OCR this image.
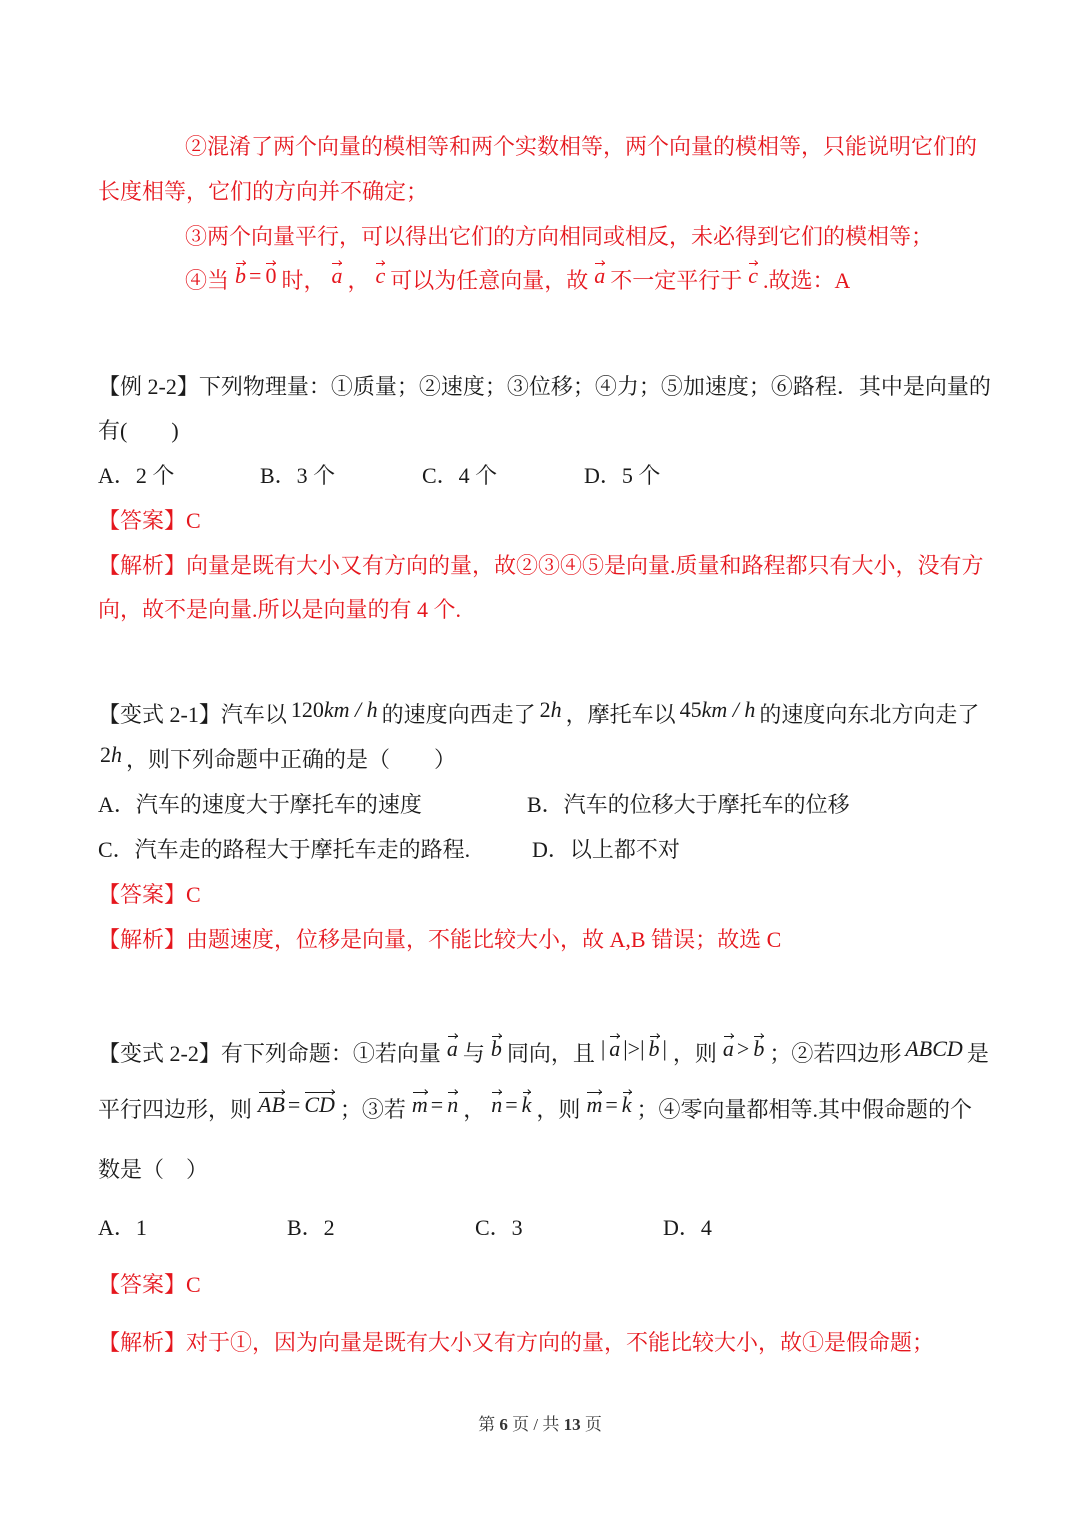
②混淆了两个向量的模相等和两个实数相等，两个向量的模相等，只能说明它们的
长度相等，它们的方向并不确定；
③两个向量平行，可以得出它们的方向相同或相反，未必得到它们的模相等；
④当 b = 0 时， a ， c 可以为任意向量，故 a 不一定平行于 c .故选：A
【例 2-2】 下列物理量：①质量；②速度；③位移；④力；⑤加速度；⑥路程．其中是向量的
有(　　)
A．2 个	B．3 个	C．4 个	D．5 个
【答案】 C
【解析】 向量是既有大小又有方向的量，故②③④⑤是向量.质量和路程都只有大小，没有方
向，故不是向量.所以是向量的有 4 个.
【变式 2-1】 汽车以 120 km / h 的速度向西走了 2 h ，摩托车以 45 km / h 的速度向东北方向走了
2 h ，则下列命题中正确的是（　　）
A．汽车的速度大于摩托车的速度	B．汽车的位移大于摩托车的位移
C．汽车走的路程大于摩托车走的路程.	D．以上都不对
【答案】 C
【解析】 由题速度，位移是向量，不能比较大小，故 A,B 错误；故选 C
【变式 2-2】 有下列命题：①若向量 a 与 b 同向，且 | a |>| b | ，则 a > b ；②若四边形 ABCD 是
平行四边形，则 AB = CD ；③若 m = n ， n = k ，则 m = k ；④零向量都相等.其中假命题的个
数是（　）
A．1	B．2	C．3	D．4
【答案】 C
【解析】 对于①，因为向量是既有大小又有方向的量，不能比较大小，故①是假命题；
第 6 页 / 共 13 页
